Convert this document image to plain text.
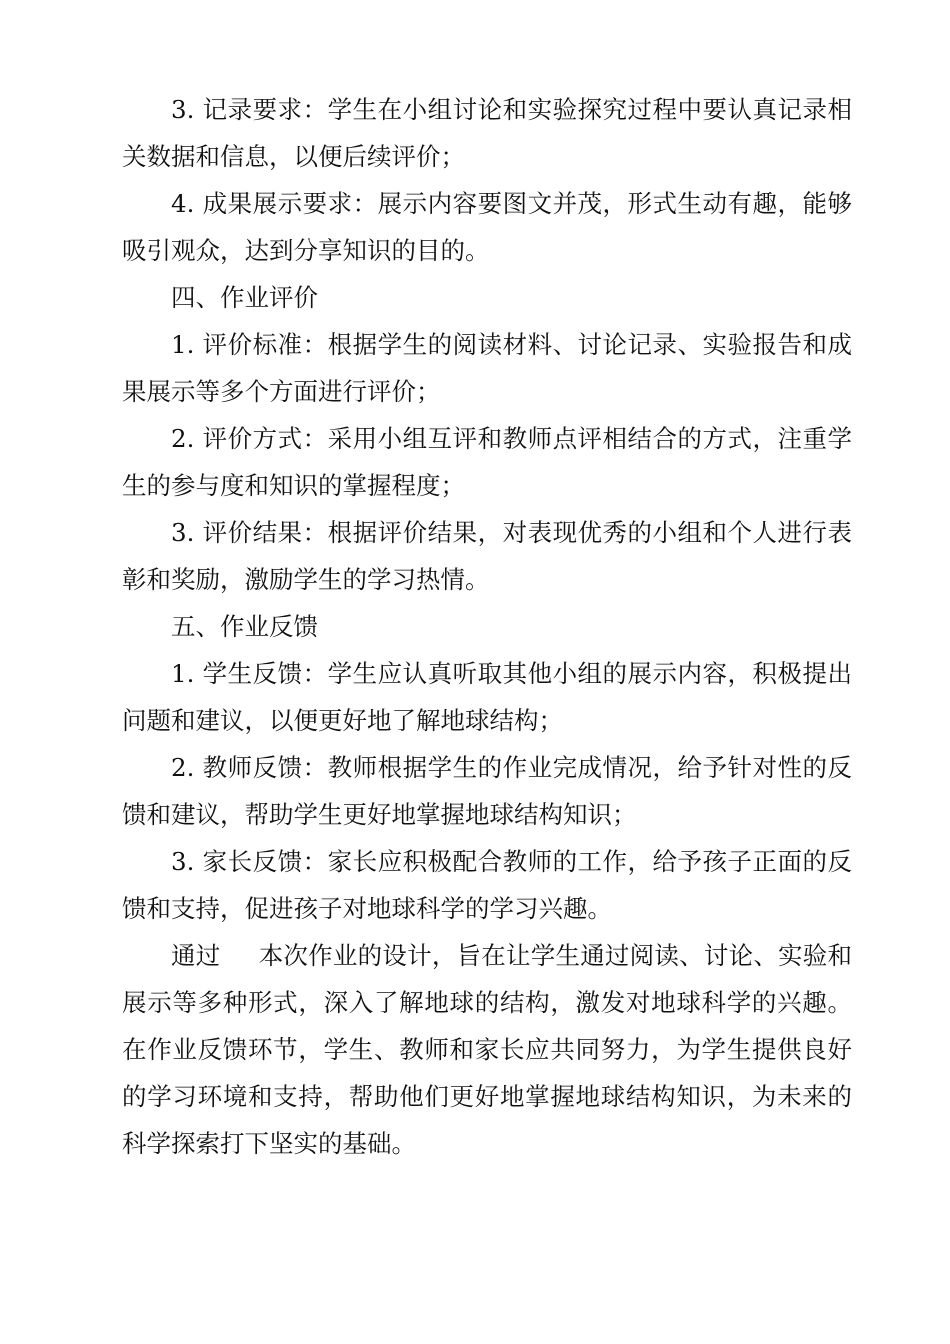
3. 记录要求：学生在小组讨论和实验探究过程中要认真记录相关数据和信息，以便后续评价；

4. 成果展示要求：展示内容要图文并茂，形式生动有趣，能够吸引观众，达到分享知识的目的。

四、作业评价

1. 评价标准：根据学生的阅读材料、讨论记录、实验报告和成果展示等多个方面进行评价；

2. 评价方式：采用小组互评和教师点评相结合的方式，注重学生的参与度和知识的掌握程度；

3. 评价结果：根据评价结果，对表现优秀的小组和个人进行表彰和奖励，激励学生的学习热情。

五、作业反馈

1. 学生反馈：学生应认真听取其他小组的展示内容，积极提出问题和建议，以便更好地了解地球结构；

2. 教师反馈：教师根据学生的作业完成情况，给予针对性的反馈和建议，帮助学生更好地掌握地球结构知识；

3. 家长反馈：家长应积极配合教师的工作，给予孩子正面的反馈和支持，促进孩子对地球科学的学习兴趣。

通过 本次作业的设计，旨在让学生通过阅读、讨论、实验和展示等多种形式，深入了解地球的结构，激发对地球科学的兴趣。在作业反馈环节，学生、教师和家长应共同努力，为学生提供良好的学习环境和支持，帮助他们更好地掌握地球结构知识，为未来的科学探索打下坚实的基础。
